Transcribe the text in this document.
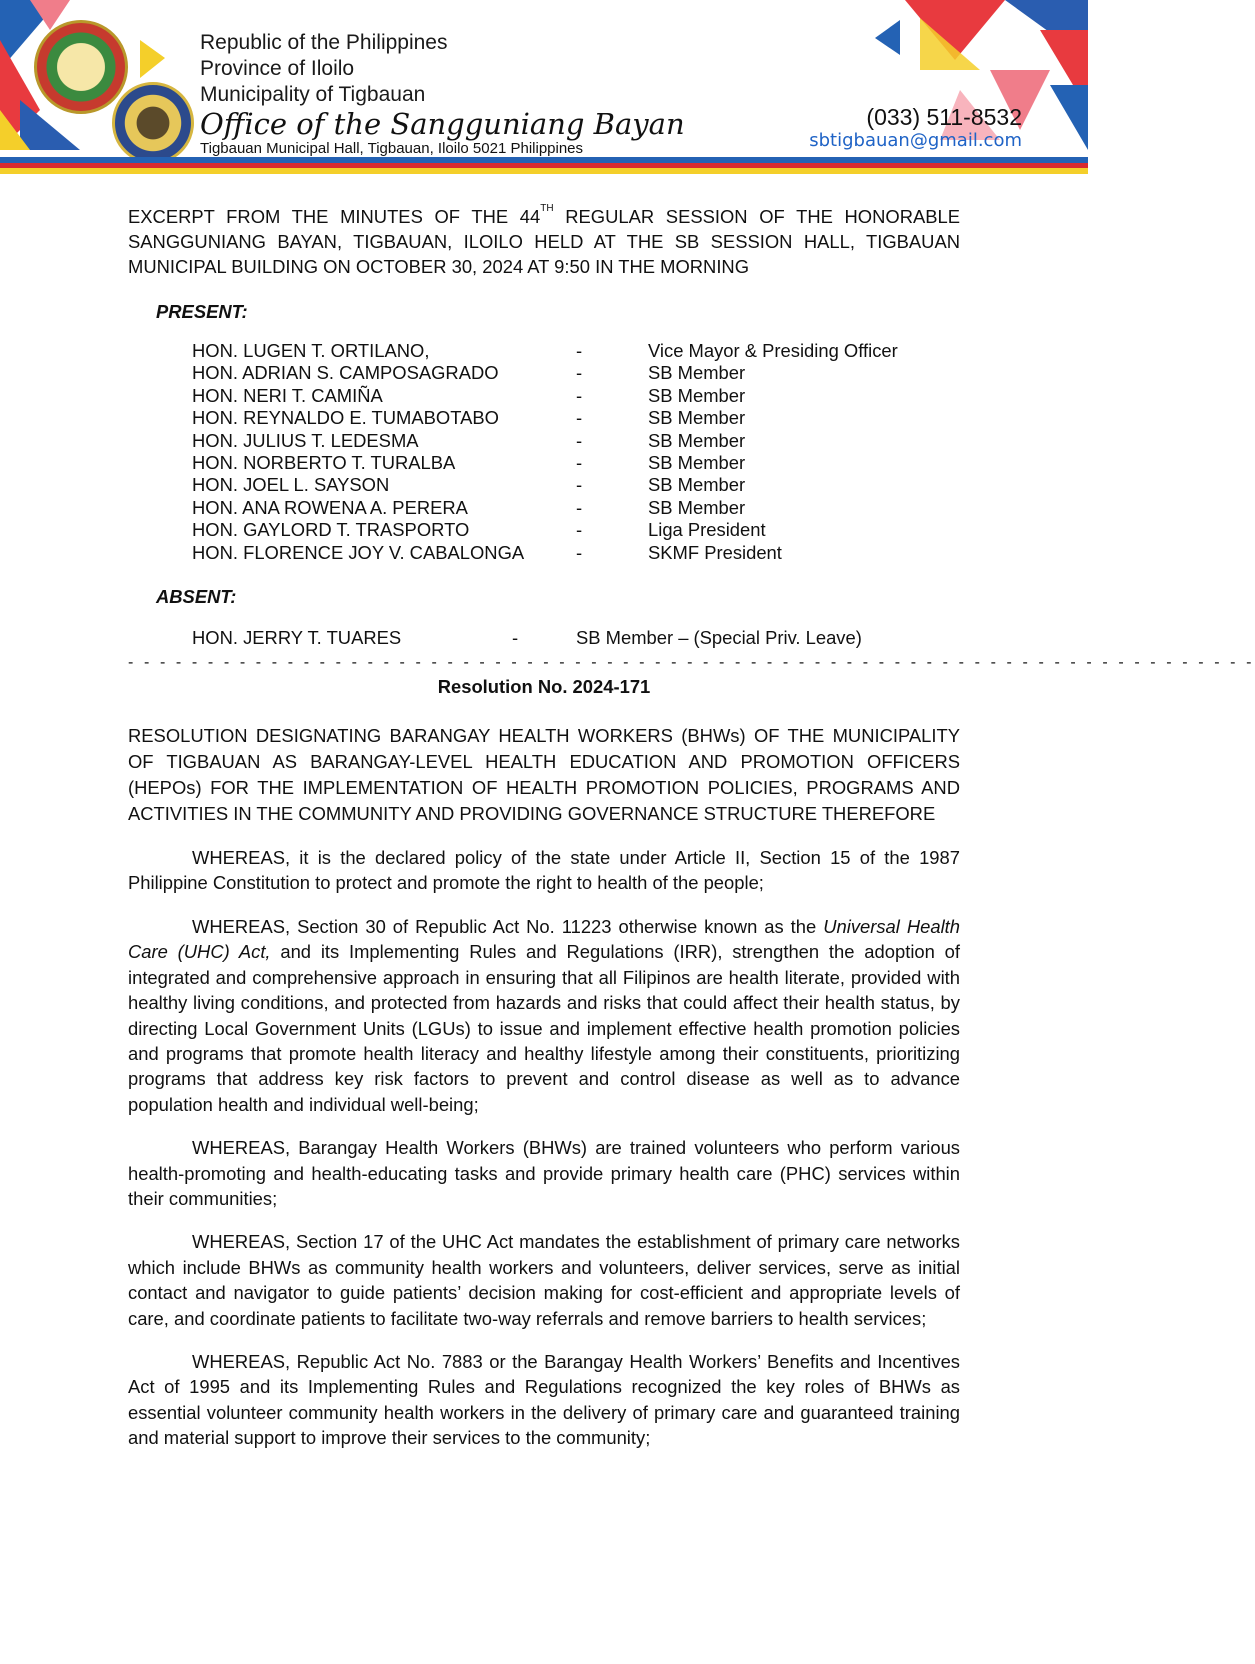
Republic of the Philippines
Province of Iloilo
Municipality of Tigbauan
Office of the Sangguniang Bayan
Tigbauan Municipal Hall, Tigbauan, Iloilo 5021 Philippines
(033) 511-8532
sbtigbauan@gmail.com
EXCERPT FROM THE MINUTES OF THE 44TH REGULAR SESSION OF THE HONORABLE SANGGUNIANG BAYAN, TIGBAUAN, ILOILO HELD AT THE SB SESSION HALL, TIGBAUAN MUNICIPAL BUILDING ON OCTOBER 30, 2024 AT 9:50 IN THE MORNING
PRESENT:
HON. LUGEN T. ORTILANO,	-	Vice Mayor & Presiding Officer
HON. ADRIAN S. CAMPOSAGRADO	-	SB Member
HON. NERI T. CAMIÑA	-	SB Member
HON. REYNALDO E. TUMABOTABO	-	SB Member
HON. JULIUS T. LEDESMA	-	SB Member
HON. NORBERTO T. TURALBA	-	SB Member
HON. JOEL L. SAYSON	-	SB Member
HON. ANA ROWENA A. PERERA	-	SB Member
HON. GAYLORD T. TRASPORTO	-	Liga President
HON. FLORENCE JOY V. CABALONGA	-	SKMF President
ABSENT:
HON. JERRY T. TUARES	-	SB Member – (Special Priv. Leave)
- - - - - - - - - - - - - - - - - - - - - - - - - - - - - - - - - - - - - - - - - - - - - - - - - - - - - - - - - - - - - - - - - - - - - - -
Resolution No. 2024-171
RESOLUTION DESIGNATING BARANGAY HEALTH WORKERS (BHWs) OF THE MUNICIPALITY OF TIGBAUAN AS BARANGAY-LEVEL HEALTH EDUCATION AND PROMOTION OFFICERS (HEPOs) FOR THE IMPLEMENTATION OF HEALTH PROMOTION POLICIES, PROGRAMS AND ACTIVITIES IN THE COMMUNITY AND PROVIDING GOVERNANCE STRUCTURE THEREFORE
WHEREAS, it is the declared policy of the state under Article II, Section 15 of the 1987 Philippine Constitution to protect and promote the right to health of the people;
WHEREAS, Section 30 of Republic Act No. 11223 otherwise known as the Universal Health Care (UHC) Act, and its Implementing Rules and Regulations (IRR), strengthen the adoption of integrated and comprehensive approach in ensuring that all Filipinos are health literate, provided with healthy living conditions, and protected from hazards and risks that could affect their health status, by directing Local Government Units (LGUs) to issue and implement effective health promotion policies and programs that promote health literacy and healthy lifestyle among their constituents, prioritizing programs that address key risk factors to prevent and control disease as well as to advance population health and individual well-being;
WHEREAS, Barangay Health Workers (BHWs) are trained volunteers who perform various health-promoting and health-educating tasks and provide primary health care (PHC) services within their communities;
WHEREAS, Section 17 of the UHC Act mandates the establishment of primary care networks which include BHWs as community health workers and volunteers, deliver services, serve as initial contact and navigator to guide patients’ decision making for cost-efficient and appropriate levels of care, and coordinate patients to facilitate two-way referrals and remove barriers to health services;
WHEREAS, Republic Act No. 7883 or the Barangay Health Workers’ Benefits and Incentives Act of 1995 and its Implementing Rules and Regulations recognized the key roles of BHWs as essential volunteer community health workers in the delivery of primary care and guaranteed training and material support to improve their services to the community;
